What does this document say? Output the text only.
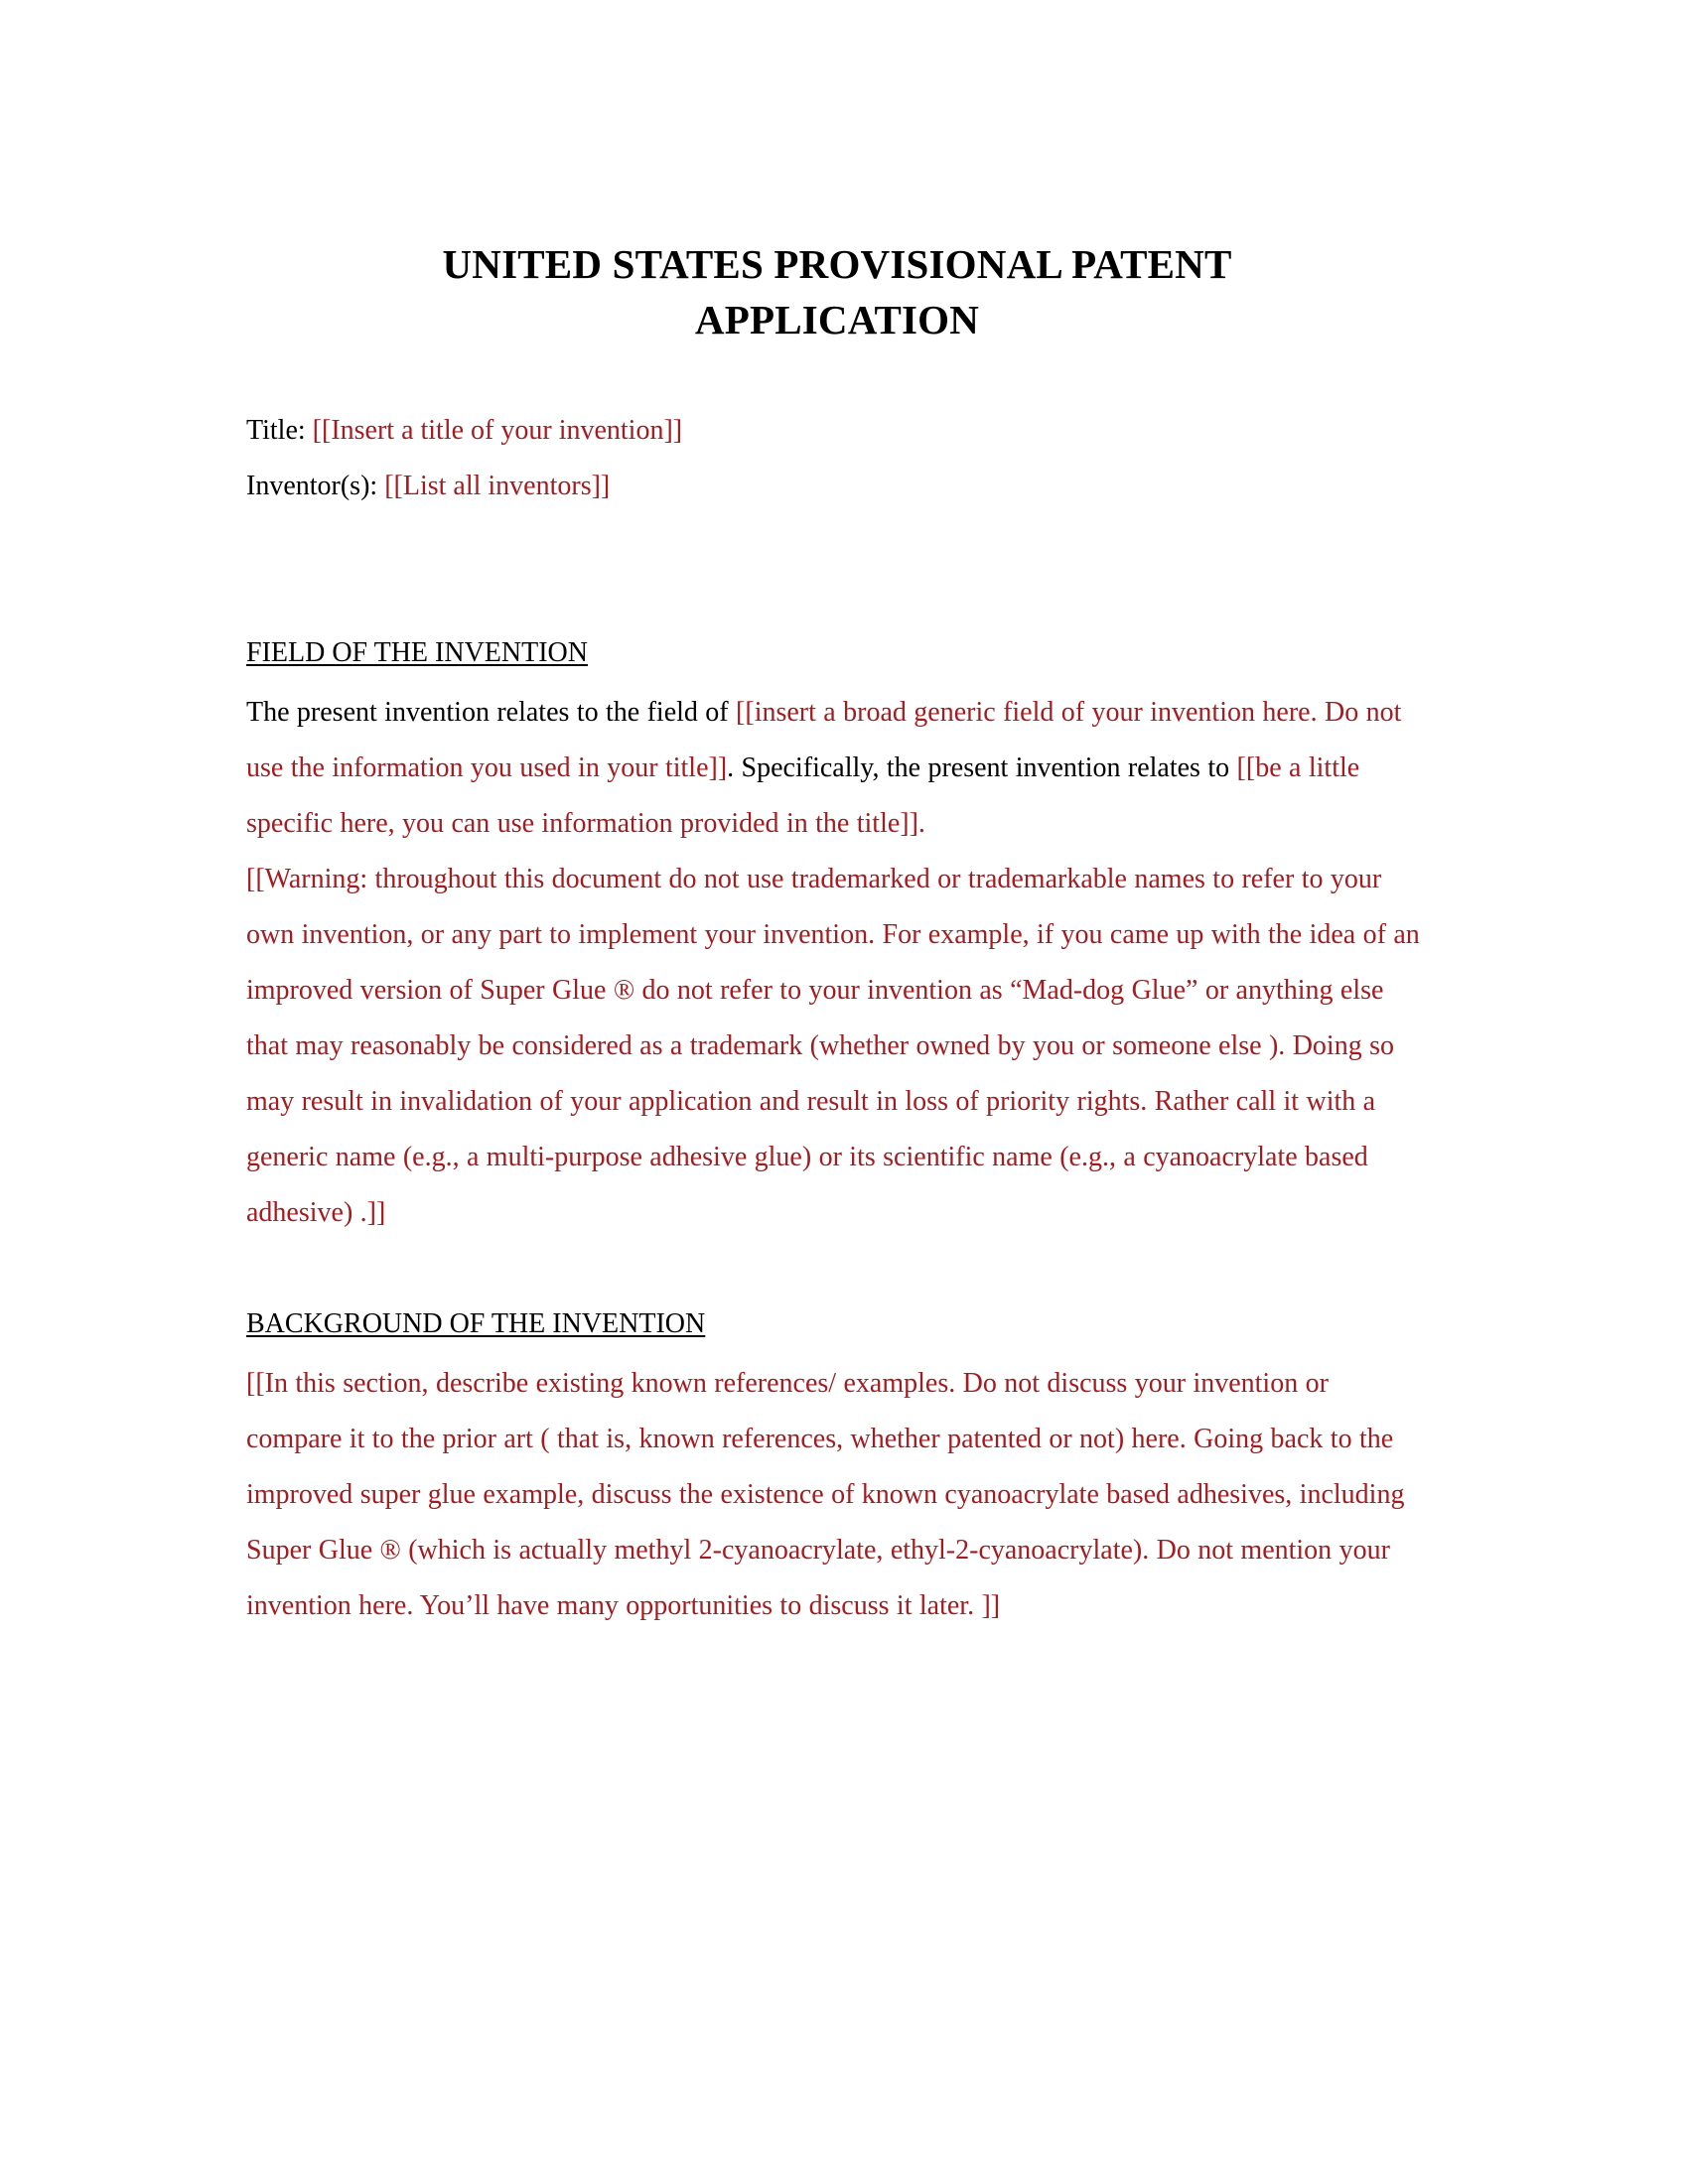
UNITED STATES PROVISIONAL PATENT
APPLICATION
Title: [[Insert a title of your invention]]
Inventor(s): [[List all inventors]]
FIELD OF THE INVENTION

The present invention relates to the field of [[insert a broad generic field of your invention here. Do not use the information you used in your title]]. Specifically, the present invention relates to [[be a little specific here, you can use information provided in the title]].

[[Warning: throughout this document do not use trademarked or trademarkable names to refer to your own invention, or any part to implement your invention. For example, if you came up with the idea of an improved version of Super Glue ® do not refer to your invention as “Mad-dog Glue” or anything else that may reasonably be considered as a trademark (whether owned by you or someone else ). Doing so may result in invalidation of your application and result in loss of priority rights. Rather call it with a generic name (e.g., a multi-purpose adhesive glue) or its scientific name (e.g., a cyanoacrylate based adhesive) .]]

BACKGROUND OF THE INVENTION

[[In this section, describe existing known references/ examples. Do not discuss your invention or compare it to the prior art ( that is, known references, whether patented or not) here. Going back to the improved super glue example, discuss the existence of known cyanoacrylate based adhesives, including Super Glue ® (which is actually methyl 2-cyanoacrylate, ethyl-2-cyanoacrylate). Do not mention your invention here. You’ll have many opportunities to discuss it later. ]]
